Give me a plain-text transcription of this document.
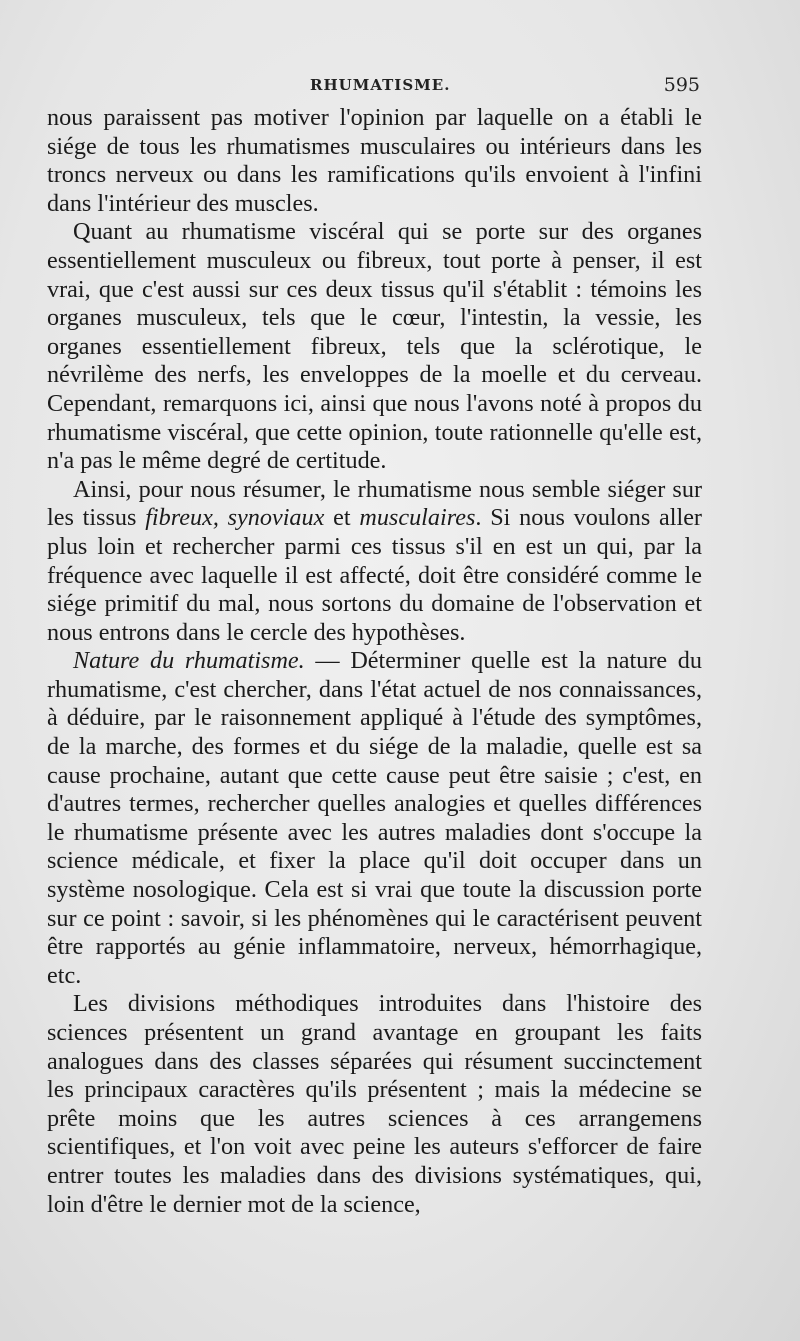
RHUMATISME.	595

nous paraissent pas motiver l'opinion par laquelle on a établi le siége de tous les rhumatismes musculaires ou intérieurs dans les troncs nerveux ou dans les ramifications qu'ils envoient à l'infini dans l'intérieur des muscles.

Quant au rhumatisme viscéral qui se porte sur des organes essentiellement musculeux ou fibreux, tout porte à penser, il est vrai, que c'est aussi sur ces deux tissus qu'il s'établit : témoins les organes musculeux, tels que le cœur, l'intestin, la vessie, les organes essentiellement fibreux, tels que la sclérotique, le névrilème des nerfs, les enveloppes de la moelle et du cerveau. Cependant, remarquons ici, ainsi que nous l'avons noté à propos du rhumatisme viscéral, que cette opinion, toute rationnelle qu'elle est, n'a pas le même degré de certitude.

Ainsi, pour nous résumer, le rhumatisme nous semble siéger sur les tissus fibreux, synoviaux et musculaires. Si nous voulons aller plus loin et rechercher parmi ces tissus s'il en est un qui, par la fréquence avec laquelle il est affecté, doit être considéré comme le siége primitif du mal, nous sortons du domaine de l'observation et nous entrons dans le cercle des hypothèses.

Nature du rhumatisme. — Déterminer quelle est la nature du rhumatisme, c'est chercher, dans l'état actuel de nos connaissances, à déduire, par le raisonnement appliqué à l'étude des symptômes, de la marche, des formes et du siége de la maladie, quelle est sa cause prochaine, autant que cette cause peut être saisie ; c'est, en d'autres termes, rechercher quelles analogies et quelles différences le rhumatisme présente avec les autres maladies dont s'occupe la science médicale, et fixer la place qu'il doit occuper dans un système nosologique. Cela est si vrai que toute la discussion porte sur ce point : savoir, si les phénomènes qui le caractérisent peuvent être rapportés au génie inflammatoire, nerveux, hémorrhagique, etc.

Les divisions méthodiques introduites dans l'histoire des sciences présentent un grand avantage en groupant les faits analogues dans des classes séparées qui résument succinctement les principaux caractères qu'ils présentent ; mais la médecine se prête moins que les autres sciences à ces arrangemens scientifiques, et l'on voit avec peine les auteurs s'efforcer de faire entrer toutes les maladies dans des divisions systématiques, qui, loin d'être le dernier mot de la science,
